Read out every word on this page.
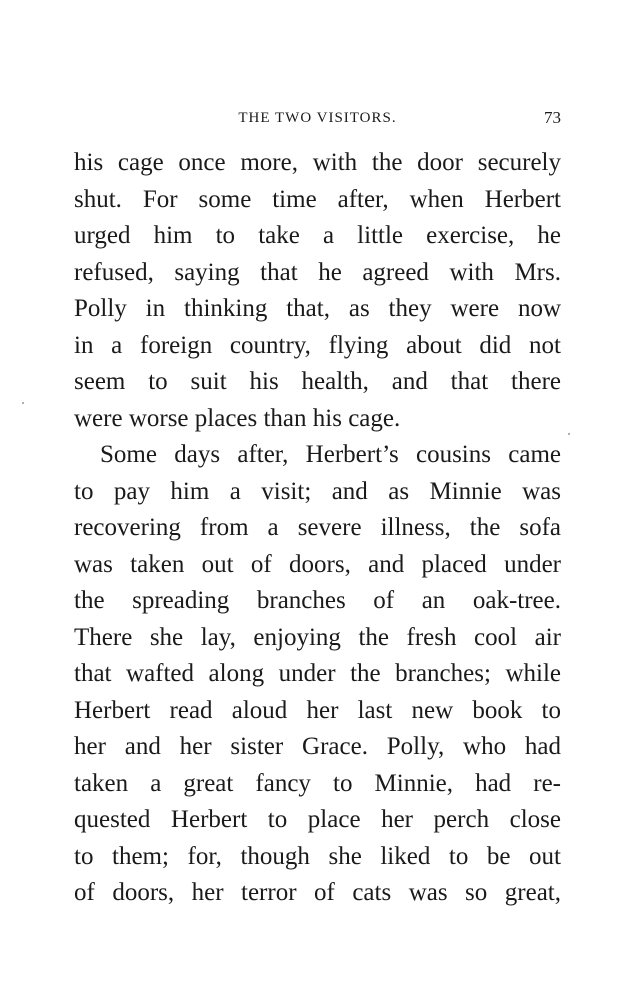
THE TWO VISITORS.	73
his cage once more, with the door securely
shut. For some time after, when Herbert
urged him to take a little exercise, he
refused, saying that he agreed with Mrs.
Polly in thinking that, as they were now
in a foreign country, flying about did not
seem to suit his health, and that there
were worse places than his cage.
Some days after, Herbert’s cousins came
to pay him a visit; and as Minnie was
recovering from a severe illness, the sofa
was taken out of doors, and placed under
the spreading branches of an oak-tree.
There she lay, enjoying the fresh cool air
that wafted along under the branches; while
Herbert read aloud her last new book to
her and her sister Grace. Polly, who had
taken a great fancy to Minnie, had re-
quested Herbert to place her perch close
to them; for, though she liked to be out
of doors, her terror of cats was so great,
